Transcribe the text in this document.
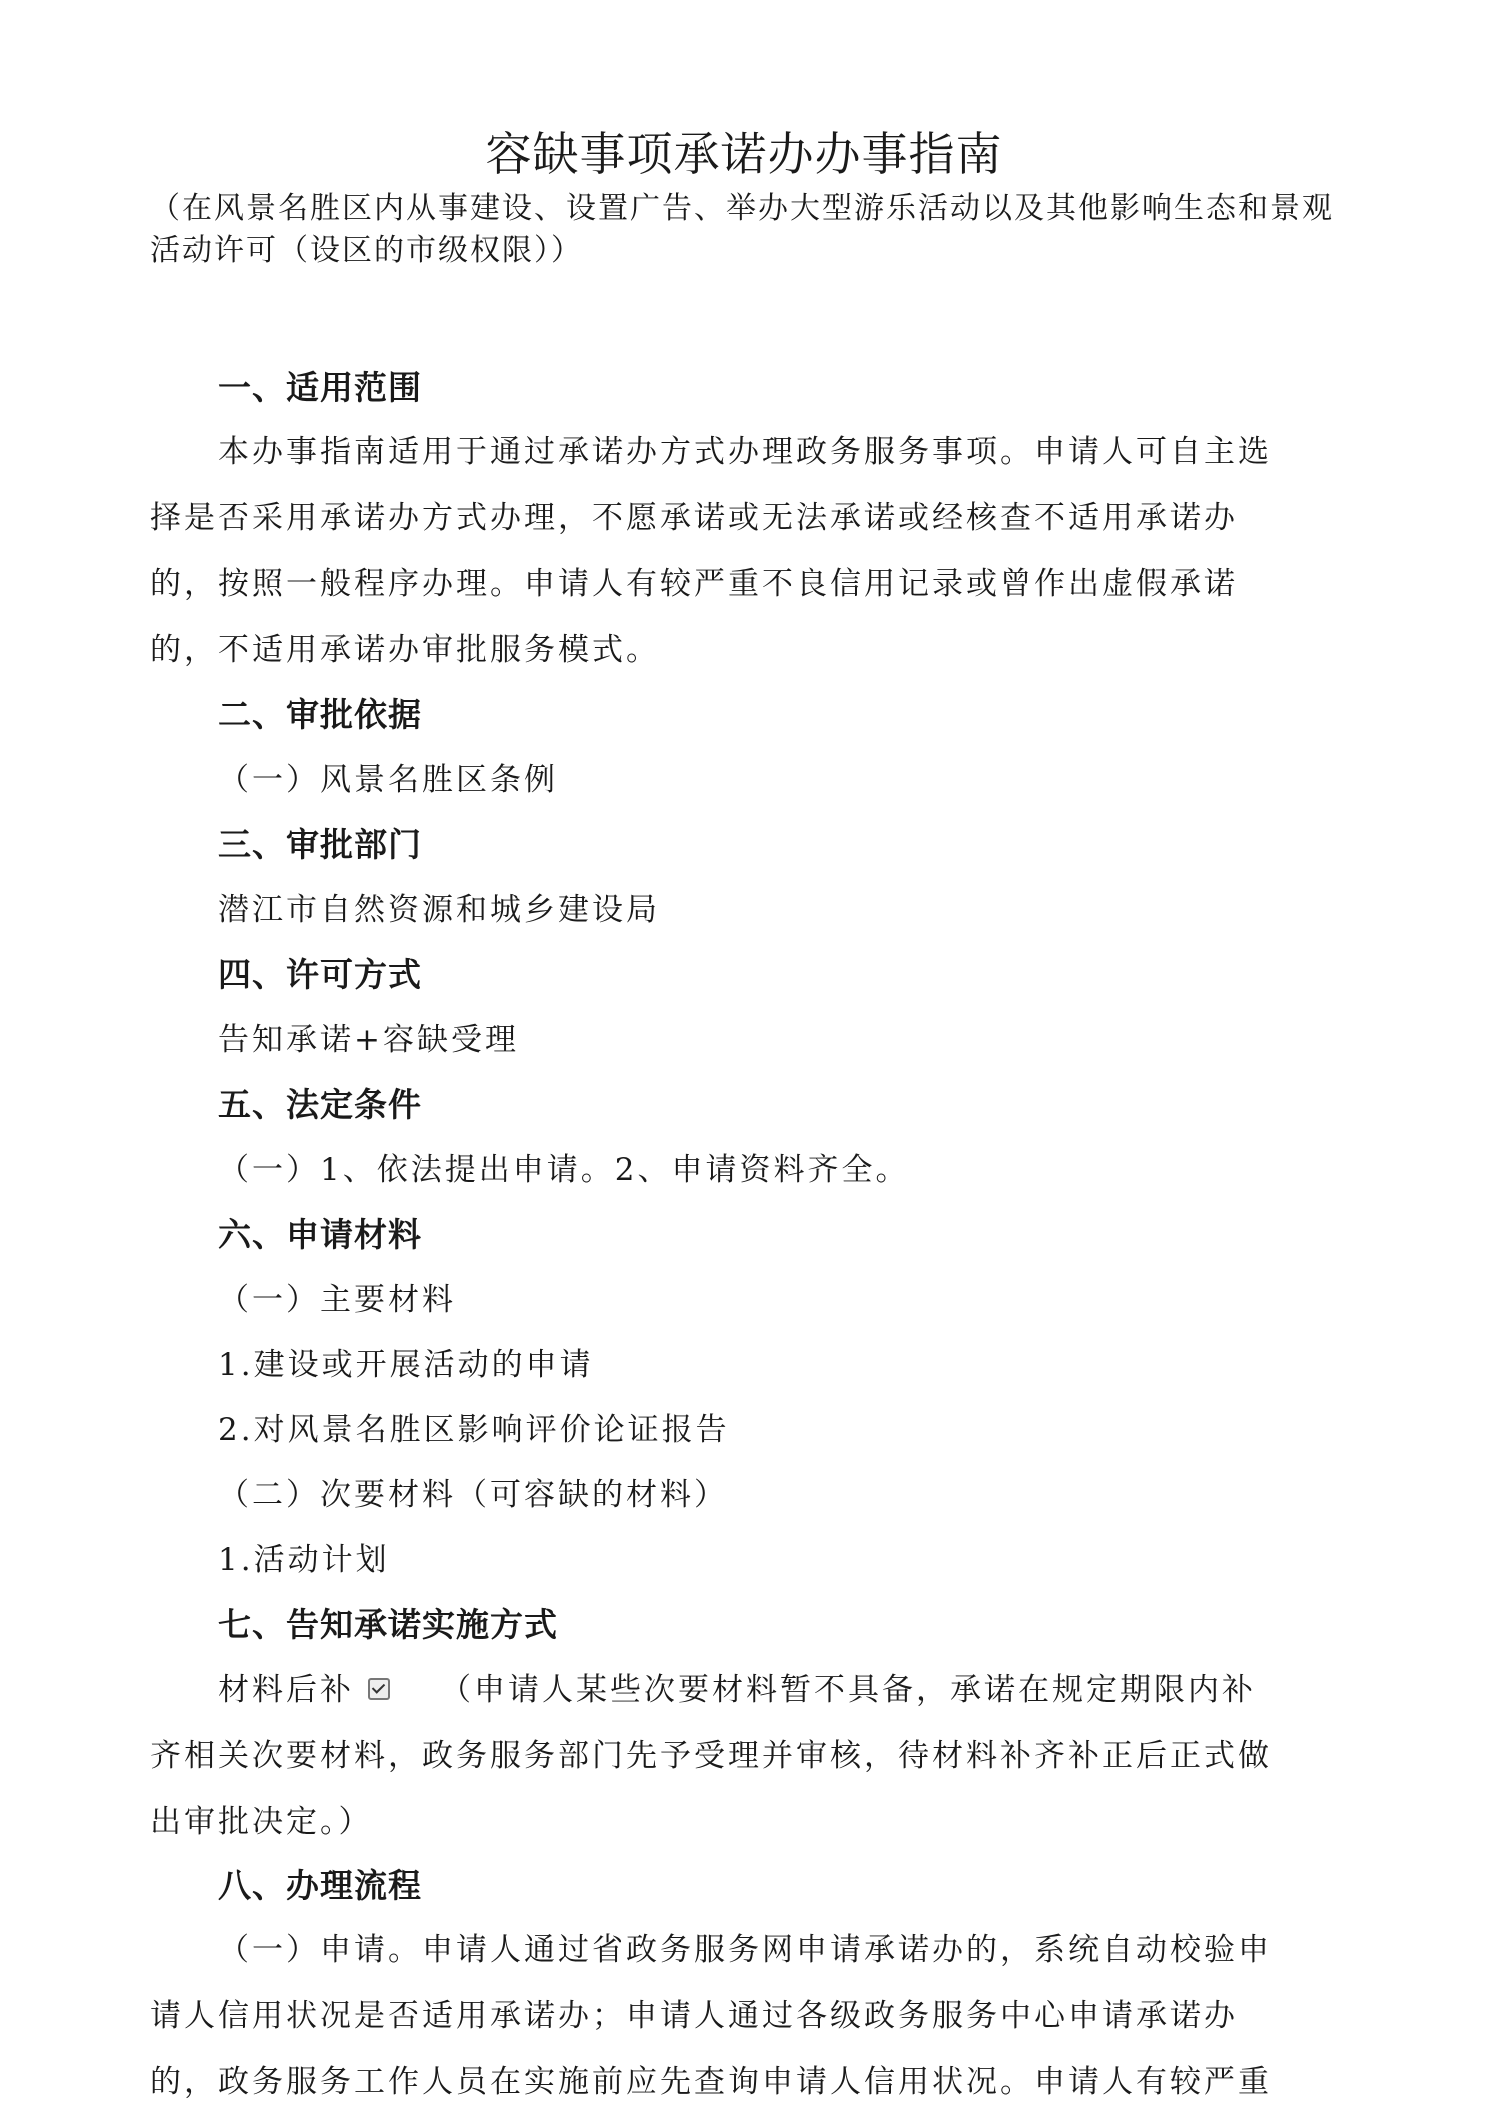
容缺事项承诺办办事指南
（在风景名胜区内从事建设、设置广告、举办大型游乐活动以及其他影响生态和景观活动许可（设区的市级权限））
一、适用范围
本办事指南适用于通过承诺办方式办理政务服务事项。申请人可自主选
择是否采用承诺办方式办理，不愿承诺或无法承诺或经核查不适用承诺办
的，按照一般程序办理。申请人有较严重不良信用记录或曾作出虚假承诺
的，不适用承诺办审批服务模式。
二、审批依据
（一）风景名胜区条例
三、审批部门
潜江市自然资源和城乡建设局
四、许可方式
告知承诺+容缺受理
五、法定条件
（一）1、依法提出申请。2、申请资料齐全。
六、申请材料
（一）主要材料
1.建设或开展活动的申请
2.对风景名胜区影响评价论证报告
（二）次要材料（可容缺的材料）
1.活动计划
七、告知承诺实施方式
材料后补	（申请人某些次要材料暂不具备，承诺在规定期限内补
齐相关次要材料，政务服务部门先予受理并审核，待材料补齐补正后正式做
出审批决定。）
八、办理流程
（一）申请。申请人通过省政务服务网申请承诺办的，系统自动校验申
请人信用状况是否适用承诺办；申请人通过各级政务服务中心申请承诺办
的，政务服务工作人员在实施前应先查询申请人信用状况。申请人有较严重
